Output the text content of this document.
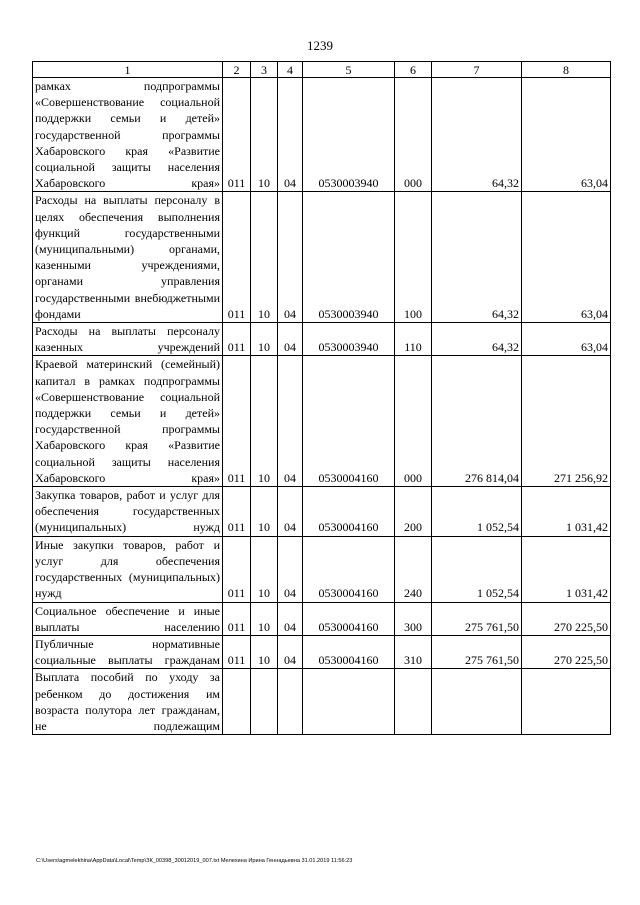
1239
1	2	3	4	5	6	7	8
рамках подпрограммы «Совершенствование социальной поддержки семьи и детей» государственной программы Хабаровского края «Развитие социальной защиты населения Хабаровского края»	011	10	04	0530003940	000	64,32	63,04
Расходы на выплаты персоналу в целях обеспечения выполнения функций государственными (муниципальными) органами, казенными учреждениями, органами управления государственными внебюджетными фондами	011	10	04	0530003940	100	64,32	63,04
Расходы на выплаты персоналу казенных учреждений	011	10	04	0530003940	110	64,32	63,04
Краевой материнский (семейный) капитал в рамках подпрограммы «Совершенствование социальной поддержки семьи и детей» государственной программы Хабаровского края «Развитие социальной защиты населения Хабаровского края»	011	10	04	0530004160	000	276 814,04	271 256,92
Закупка товаров, работ и услуг для обеспечения государственных (муниципальных) нужд	011	10	04	0530004160	200	1 052,54	1 031,42
Иные закупки товаров, работ и услуг для обеспечения государственных (муниципальных) нужд	011	10	04	0530004160	240	1 052,54	1 031,42
Социальное обеспечение и иные выплаты населению	011	10	04	0530004160	300	275 761,50	270 225,50
Публичные нормативные социальные выплаты гражданам	011	10	04	0530004160	310	275 761,50	270 225,50
Выплата пособий по уходу за ребенком до достижения им возраста полутора лет гражданам, не подлежащим							
C:\Users\agmelekhina\AppData\Local\Temp\ЗК_00398_30012019_007.txt Мелехина Ирина Геннадьевна 31.01.2019 11:56:23
